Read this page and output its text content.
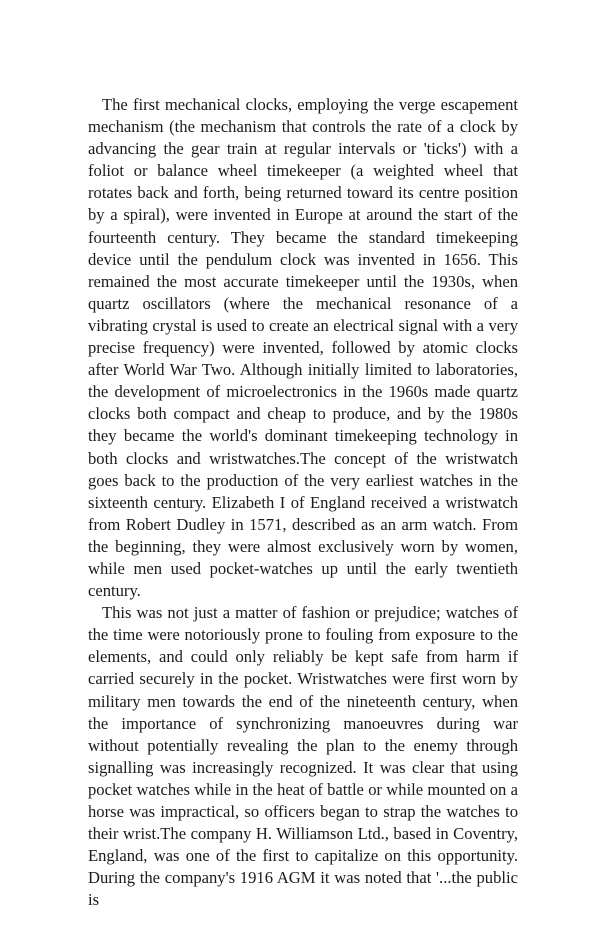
The first mechanical clocks, employing the verge escapement mechanism (the mechanism that controls the rate of a clock by advancing the gear train at regular intervals or 'ticks') with a foliot or balance wheel timekeeper (a weighted wheel that rotates back and forth, being returned toward its centre position by a spiral), were invented in Europe at around the start of the fourteenth century. They became the standard timekeeping device until the pendulum clock was invented in 1656. This remained the most accurate timekeeper until the 1930s, when quartz oscillators (where the mechanical resonance of a vibrating crystal is used to create an electrical signal with a very precise frequency) were invented, followed by atomic clocks after World War Two. Although initially limited to laboratories, the development of microelectronics in the 1960s made quartz clocks both compact and cheap to produce, and by the 1980s they became the world's dominant timekeeping technology in both clocks and wristwatches.The concept of the wristwatch goes back to the production of the very earliest watches in the sixteenth century. Elizabeth I of England received a wristwatch from Robert Dudley in 1571, described as an arm watch. From the beginning, they were almost exclusively worn by women, while men used pocket-watches up until the early twentieth century.

This was not just a matter of fashion or prejudice; watches of the time were notoriously prone to fouling from exposure to the elements, and could only reliably be kept safe from harm if carried securely in the pocket. Wristwatches were first worn by military men towards the end of the nineteenth century, when the importance of synchronizing manoeuvres during war without potentially revealing the plan to the enemy through signalling was increasingly recognized. It was clear that using pocket watches while in the heat of battle or while mounted on a horse was impractical, so officers began to strap the watches to their wrist.The company H. Williamson Ltd., based in Coventry, England, was one of the first to capitalize on this opportunity. During the company's 1916 AGM it was noted that '...the public is
